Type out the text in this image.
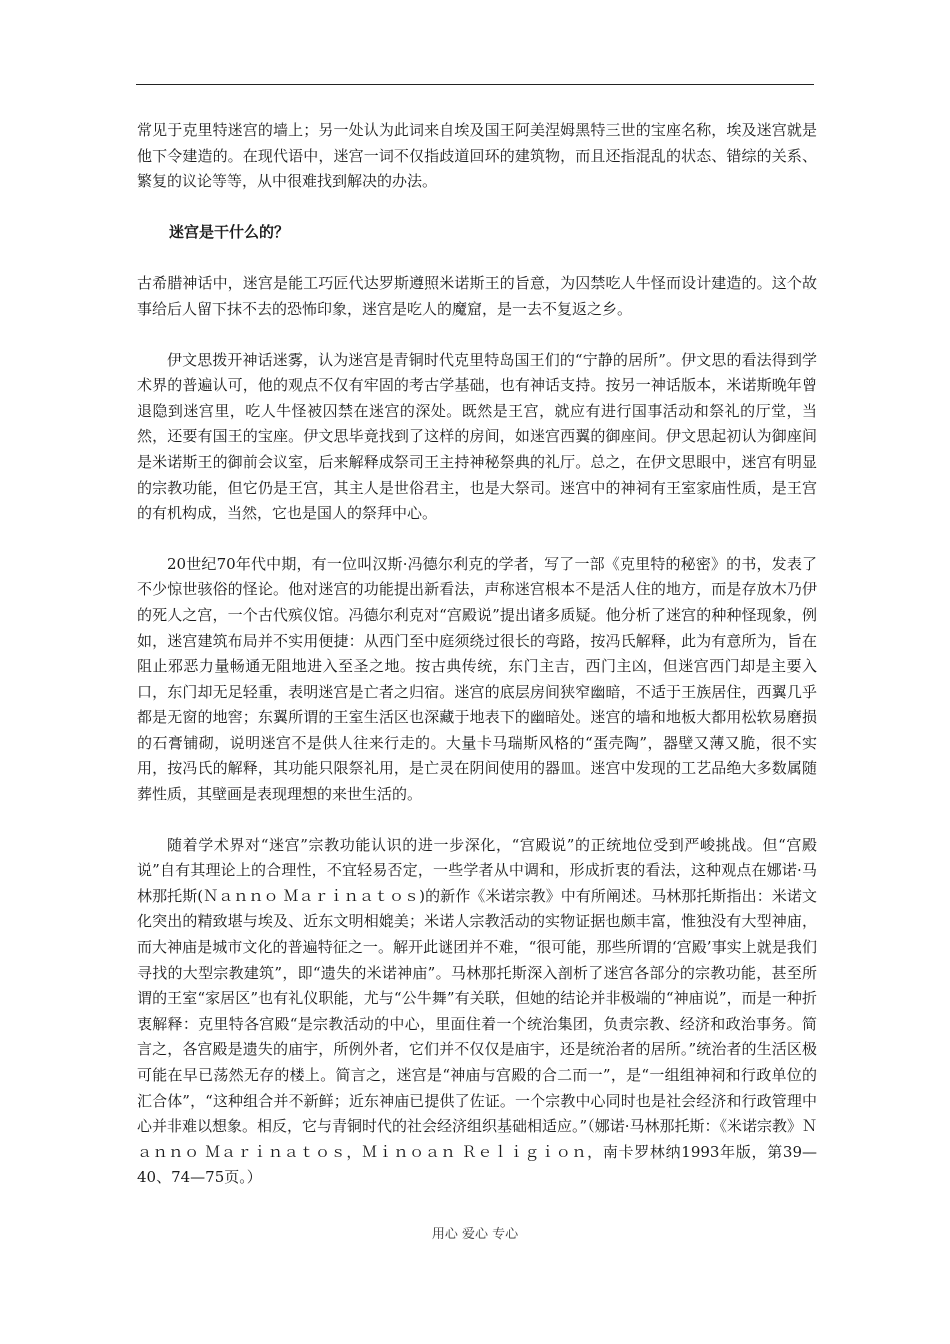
常见于克里特迷宫的墙上；另一处认为此词来自埃及国王阿美涅姆黑特三世的宝座名称，埃及迷宫就是他下令建造的。在现代语中，迷宫一词不仅指歧道回环的建筑物，而且还指混乱的状态、错综的关系、繁复的议论等等，从中很难找到解决的办法。

迷宫是干什么的？

古希腊神话中，迷宫是能工巧匠代达罗斯遵照米诺斯王的旨意，为囚禁吃人牛怪而设计建造的。这个故事给后人留下抹不去的恐怖印象，迷宫是吃人的魔窟，是一去不复返之乡。

伊文思拨开神话迷雾，认为迷宫是青铜时代克里特岛国王们的“宁静的居所”。伊文思的看法得到学术界的普遍认可，他的观点不仅有牢固的考古学基础，也有神话支持。按另一神话版本，米诺斯晚年曾退隐到迷宫里，吃人牛怪被囚禁在迷宫的深处。既然是王宫，就应有进行国事活动和祭礼的厅堂，当然，还要有国王的宝座。伊文思毕竟找到了这样的房间，如迷宫西翼的御座间。伊文思起初认为御座间是米诺斯王的御前会议室，后来解释成祭司王主持神秘祭典的礼厅。总之，在伊文思眼中，迷宫有明显的宗教功能，但它仍是王宫，其主人是世俗君主，也是大祭司。迷宫中的神祠有王室家庙性质，是王宫的有机构成，当然，它也是国人的祭拜中心。

20世纪70年代中期，有一位叫汉斯·冯德尔利克的学者，写了一部《克里特的秘密》的书，发表了不少惊世骇俗的怪论。他对迷宫的功能提出新看法，声称迷宫根本不是活人住的地方，而是存放木乃伊的死人之宫，一个古代殡仪馆。冯德尔利克对“宫殿说”提出诸多质疑。他分析了迷宫的种种怪现象，例如，迷宫建筑布局并不实用便捷：从西门至中庭须绕过很长的弯路，按冯氏解释，此为有意所为，旨在阻止邪恶力量畅通无阻地进入至圣之地。按古典传统，东门主吉，西门主凶，但迷宫西门却是主要入口，东门却无足轻重，表明迷宫是亡者之归宿。迷宫的底层房间狭窄幽暗，不适于王族居住，西翼几乎都是无窗的地窖；东翼所谓的王室生活区也深藏于地表下的幽暗处。迷宫的墙和地板大都用松软易磨损的石膏铺砌，说明迷宫不是供人往来行走的。大量卡马瑞斯风格的“蛋壳陶”，器壁又薄又脆，很不实用，按冯氏的解释，其功能只限祭礼用，是亡灵在阴间使用的器皿。迷宫中发现的工艺品绝大多数属随葬性质，其壁画是表现理想的来世生活的。

随着学术界对“迷宫”宗教功能认识的进一步深化，“宫殿说”的正统地位受到严峻挑战。但“宫殿说”自有其理论上的合理性，不宜轻易否定，一些学者从中调和，形成折衷的看法，这种观点在娜诺·马林那托斯(Ｎａｎｎｏ Ｍａｒｉｎａｔｏｓ)的新作《米诺宗教》中有所阐述。马林那托斯指出：米诺文化突出的精致堪与埃及、近东文明相媲美；米诺人宗教活动的实物证据也颇丰富，惟独没有大型神庙，而大神庙是城市文化的普遍特征之一。解开此谜团并不难，“很可能，那些所谓的‘宫殿’事实上就是我们寻找的大型宗教建筑”，即“遗失的米诺神庙”。马林那托斯深入剖析了迷宫各部分的宗教功能，甚至所谓的王室“家居区”也有礼仪职能，尤与“公牛舞”有关联，但她的结论并非极端的“神庙说”，而是一种折衷解释：克里特各宫殿“是宗教活动的中心，里面住着一个统治集团，负责宗教、经济和政治事务。简言之，各宫殿是遗失的庙宇，所例外者，它们并不仅仅是庙宇，还是统治者的居所。”统治者的生活区极可能在早已荡然无存的楼上。简言之，迷宫是“神庙与宫殿的合二而一”，是“一组组神祠和行政单位的汇合体”，“这种组合并不新鲜；近东神庙已提供了佐证。一个宗教中心同时也是社会经济和行政管理中心并非难以想象。相反，它与青铜时代的社会经济组织基础相适应。”（娜诺·马林那托斯：《米诺宗教》Ｎａｎｎｏ Ｍａｒｉｎａｔｏｓ，Ｍｉｎｏａｎ Ｒｅｌｉｇｉｏｎ，南卡罗林纳1993年版，第39—40、74—75页。）

用心 爱心 专心
